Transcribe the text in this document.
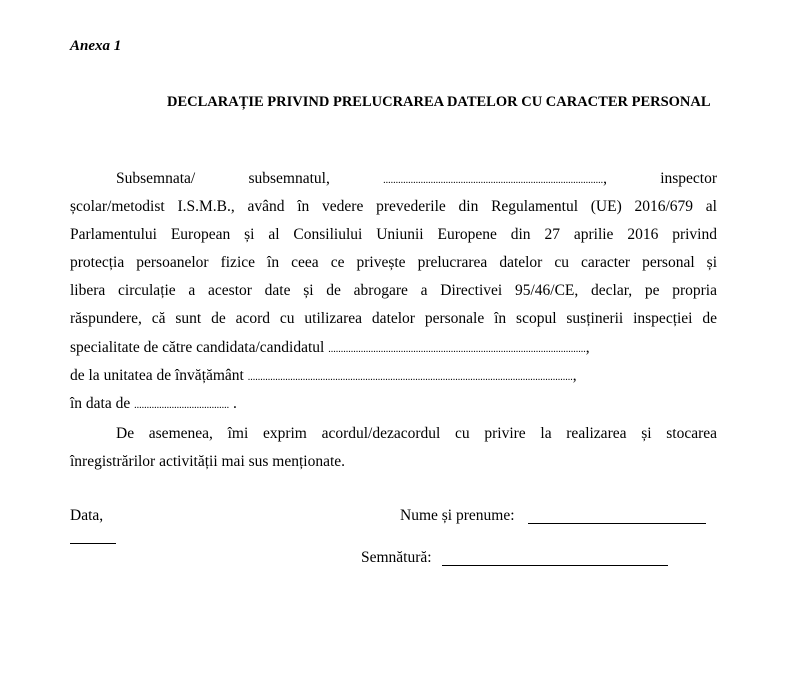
Anexa 1
DECLARAȚIE PRIVIND PRELUCRAREA DATELOR CU CARACTER PERSONAL
Subsemnata/ subsemnatul,	........................................................................................, inspector
școlar/metodist I.S.M.B., având în vedere prevederile din Regulamentul (UE) 2016/679 al
Parlamentului European și al Consiliului Uniunii Europene din 27 aprilie 2016 privind
protecția persoanelor fizice în ceea ce privește prelucrarea datelor cu caracter personal și
libera circulație a acestor date și de abrogare a Directivei 95/46/CE, declar, pe propria
răspundere, că sunt de acord cu utilizarea datelor personale în scopul susținerii inspecției de
specialitate de către candidata/candidatul .......................................................................................................,
de la unitatea de învățământ ..................................................................................................................................,
în data de ...................................... .
De asemenea, îmi exprim acordul/dezacordul cu privire la realizarea și stocarea
înregistrărilor activității mai sus menționate.
Data,	Nume și prenume:
Semnătură:
